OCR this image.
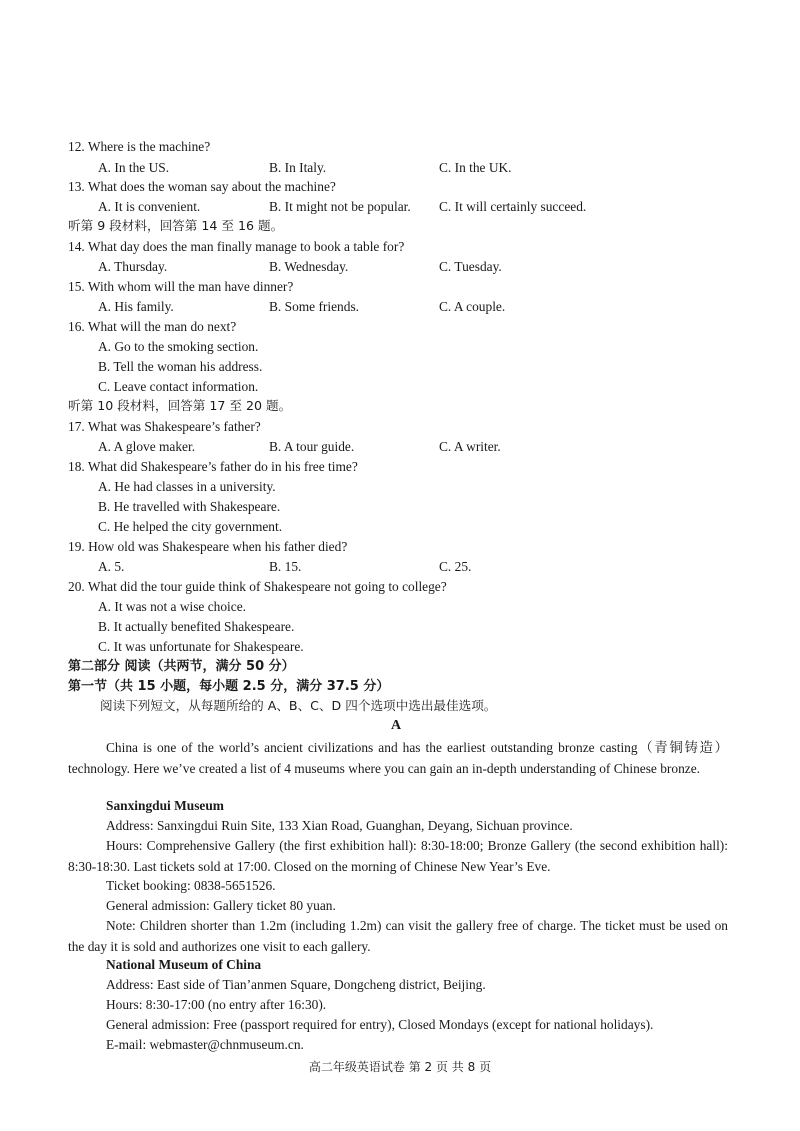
12. Where is the machine?
A. In the US.	B. In Italy.	C. In the UK.
13. What does the woman say about the machine?
A. It is convenient.	B. It might not be popular. C. It will certainly succeed.
听第 9 段材料，回答第 14 至 16 题。
14. What day does the man finally manage to book a table for?
A. Thursday.	B. Wednesday.	C. Tuesday.
15. With whom will the man have dinner?
A. His family.	B. Some friends.	C. A couple.
16. What will the man do next?
A. Go to the smoking section.
B. Tell the woman his address.
C. Leave contact information.
听第 10 段材料，回答第 17 至 20 题。
17. What was Shakespeare’s father?
A. A glove maker.	B. A tour guide.	C. A writer.
18. What did Shakespeare’s father do in his free time?
A. He had classes in a university.
B. He travelled with Shakespeare.
C. He helped the city government.
19. How old was Shakespeare when his father died?
A. 5.	B. 15.	C. 25.
20. What did the tour guide think of Shakespeare not going to college?
A. It was not a wise choice.
B. It actually benefited Shakespeare.
C. It was unfortunate for Shakespeare.
第二部分 阅读（共两节，满分 50 分）
第一节（共 15 小题，每小题 2.5 分，满分 37.5 分）
阅读下列短文，从每题所给的 A、B、C、D 四个选项中选出最佳选项。
A
China is one of the world’s ancient civilizations and has the earliest outstanding bronze casting（青铜铸造）technology. Here we’ve created a list of 4 museums where you can gain an in-depth understanding of Chinese bronze.
Sanxingdui Museum
Address: Sanxingdui Ruin Site, 133 Xian Road, Guanghan, Deyang, Sichuan province.
Hours: Comprehensive Gallery (the first exhibition hall): 8:30-18:00; Bronze Gallery (the second exhibition hall): 8:30-18:30. Last tickets sold at 17:00. Closed on the morning of Chinese New Year’s Eve.
Ticket booking: 0838-5651526.
General admission: Gallery ticket 80 yuan.
Note: Children shorter than 1.2m (including 1.2m) can visit the gallery free of charge. The ticket must be used on the day it is sold and authorizes one visit to each gallery.
National Museum of China
Address: East side of Tian’anmen Square, Dongcheng district, Beijing.
Hours: 8:30-17:00 (no entry after 16:30).
General admission: Free (passport required for entry), Closed Mondays (except for national holidays).
E-mail: webmaster@chnmuseum.cn.
高二年级英语试卷 第 2 页 共 8 页
